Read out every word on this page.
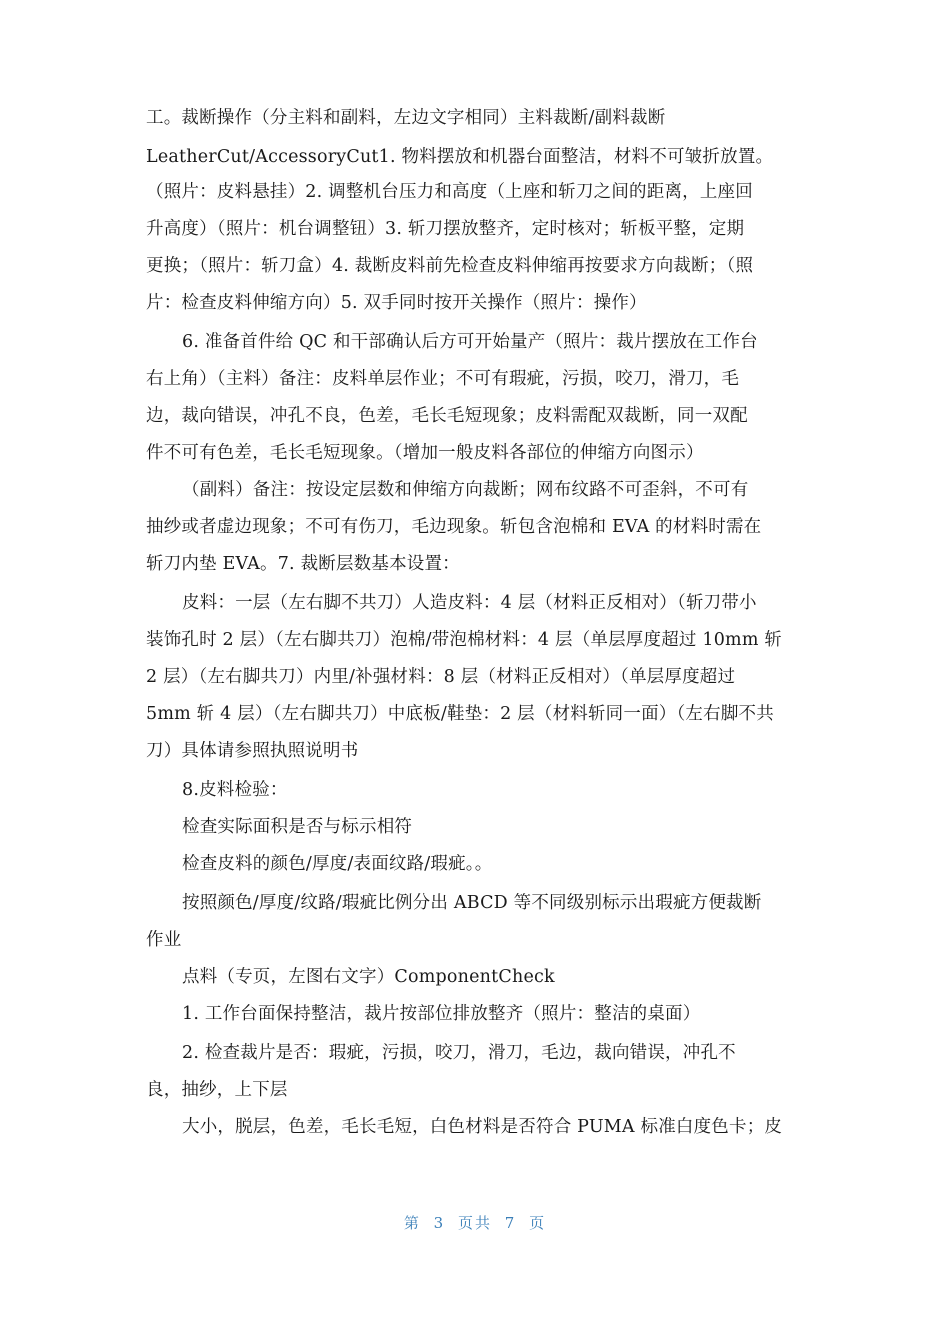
工。裁断操作（分主料和副料，左边文字相同）主料裁断/副料裁断
LeatherCut/AccessoryCut1. 物料摆放和机器台面整洁，材料不可皱折放置。
（照片：皮料悬挂）2. 调整机台压力和高度（上座和斩刀之间的距离，上座回
升高度）（照片：机台调整钮）3. 斩刀摆放整齐，定时核对；斩板平整，定期
更换；（照片：斩刀盒）4. 裁断皮料前先检查皮料伸缩再按要求方向裁断；（照
片：检查皮料伸缩方向）5. 双手同时按开关操作（照片：操作）
6. 准备首件给 QC 和干部确认后方可开始量产（照片：裁片摆放在工作台
右上角）（主料）备注：皮料单层作业；不可有瑕疵，污损，咬刀，滑刀，毛
边，裁向错误，冲孔不良，色差，毛长毛短现象；皮料需配双裁断，同一双配
件不可有色差，毛长毛短现象。（增加一般皮料各部位的伸缩方向图示）
（副料）备注：按设定层数和伸缩方向裁断；网布纹路不可歪斜，不可有
抽纱或者虚边现象；不可有伤刀，毛边现象。斩包含泡棉和 EVA 的材料时需在
斩刀内垫 EVA。7. 裁断层数基本设置：
皮料：一层（左右脚不共刀）人造皮料：4 层（材料正反相对）（斩刀带小
装饰孔时 2 层）（左右脚共刀）泡棉/带泡棉材料：4 层（单层厚度超过 10mm 斩
2 层）（左右脚共刀）内里/补强材料：8 层（材料正反相对）（单层厚度超过
5mm 斩 4 层）（左右脚共刀）中底板/鞋垫：2 层（材料斩同一面）（左右脚不共
刀）具体请参照执照说明书
8.皮料检验：
检查实际面积是否与标示相符
检查皮料的颜色/厚度/表面纹路/瑕疵。。
按照颜色/厚度/纹路/瑕疵比例分出 ABCD 等不同级别标示出瑕疵方便裁断
作业
点料（专页，左图右文字）ComponentCheck
1. 工作台面保持整洁，裁片按部位排放整齐（照片：整洁的桌面）
2. 检查裁片是否：瑕疵，污损，咬刀，滑刀，毛边，裁向错误，冲孔不
良，抽纱，上下层
大小，脱层，色差，毛长毛短，白色材料是否符合 PUMA 标准白度色卡；皮
第 3 页共 7 页
